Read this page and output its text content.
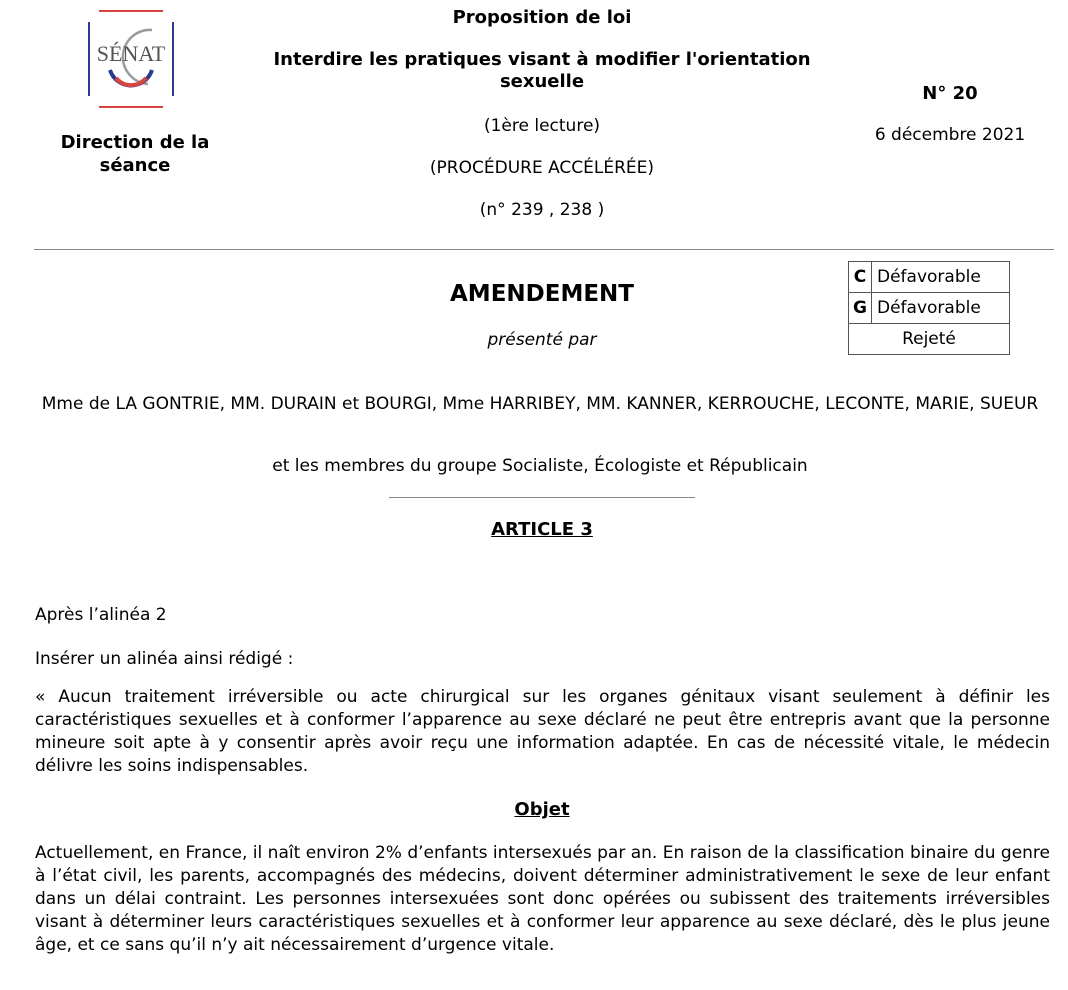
SÉNAT
Direction de la séance
Proposition de loi
Interdire les pratiques visant à modifier l'orientation sexuelle
(1ère lecture)
(PROCÉDURE ACCÉLÉRÉE)
(n° 239 , 238 )
N° 20
6 décembre 2021
AMENDEMENT
présenté par
C Défavorable
G Défavorable
Rejeté
Mme de LA GONTRIE, MM. DURAIN et BOURGI, Mme HARRIBEY, MM. KANNER, KERROUCHE, LECONTE, MARIE, SUEUR
et les membres du groupe Socialiste, Écologiste et Républicain
ARTICLE 3
Après l’alinéa 2
Insérer un alinéa ainsi rédigé :
« Aucun traitement irréversible ou acte chirurgical sur les organes génitaux visant seulement à définir les caractéristiques sexuelles et à conformer l’apparence au sexe déclaré ne peut être entrepris avant que la personne mineure soit apte à y consentir après avoir reçu une information adaptée. En cas de nécessité vitale, le médecin délivre les soins indispensables.
Objet
Actuellement, en France, il naît environ 2% d’enfants intersexués par an. En raison de la classification binaire du genre à l’état civil, les parents, accompagnés des médecins, doivent déterminer administrativement le sexe de leur enfant dans un délai contraint. Les personnes intersexuées sont donc opérées ou subissent des traitements irréversibles visant à déterminer leurs caractéristiques sexuelles et à conformer leur apparence au sexe déclaré, dès le plus jeune âge, et ce sans qu’il n’y ait nécessairement d’urgence vitale.
